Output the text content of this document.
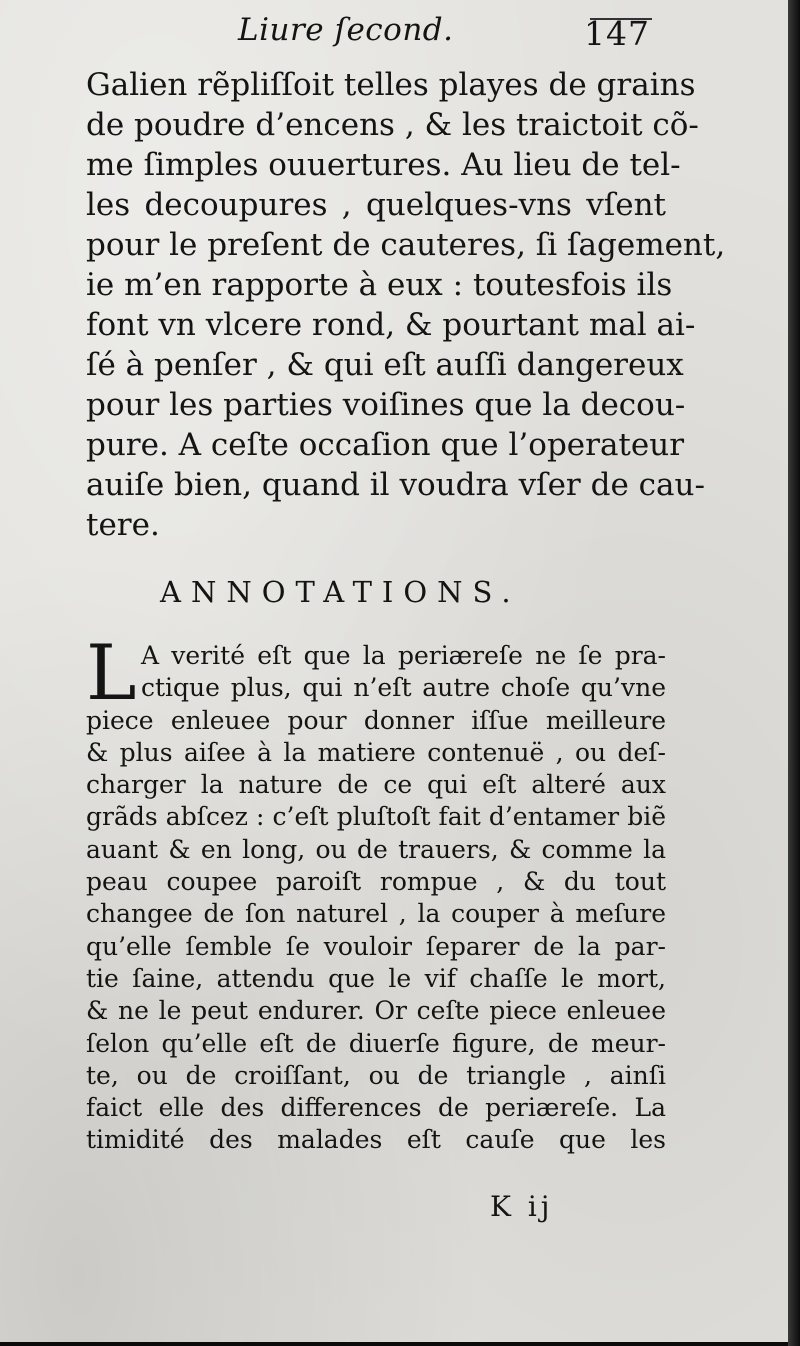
Liure ſecond.	147
Galien rẽpliſſoit telles playes de grains
de poudre d’encens , & les traictoit cõ-
me ſimples ouuertures. Au lieu de tel-
les decoupures , quelques-vns vſent
pour le preſent de cauteres, ſi ſagement,
ie m’en rapporte à eux : toutesfois ils
font vn vlcere rond, & pourtant mal ai-
ſé à penſer , & qui eſt auſſi dangereux
pour les parties voiſines que la decou-
pure. A ceſte occaſion que l’operateur
auiſe bien, quand il voudra vſer de cau-
tere.
ANNOTATIONS.
L A verité eſt que la periæreſe ne ſe pra-
ctique plus, qui n’eſt autre choſe qu’vne
piece enleuee pour donner iſſue meilleure
& plus aiſee à la matiere contenuë , ou deſ-
charger la nature de ce qui eſt alteré aux
grãds abſcez : c’eſt pluſtoſt fait d’entamer biẽ
auant & en long, ou de trauers, & comme la
peau coupee paroiſt rompue , & du tout
changee de ſon naturel , la couper à meſure
qu’elle ſemble ſe vouloir ſeparer de la par-
tie ſaine, attendu que le vif chaſſe le mort,
& ne le peut endurer. Or ceſte piece enleuee
ſelon qu’elle eſt de diuerſe figure, de meur-
te, ou de croiſſant, ou de triangle , ainſi
faict elle des differences de periæreſe. La
timidité des malades eſt cauſe que les
K ij
